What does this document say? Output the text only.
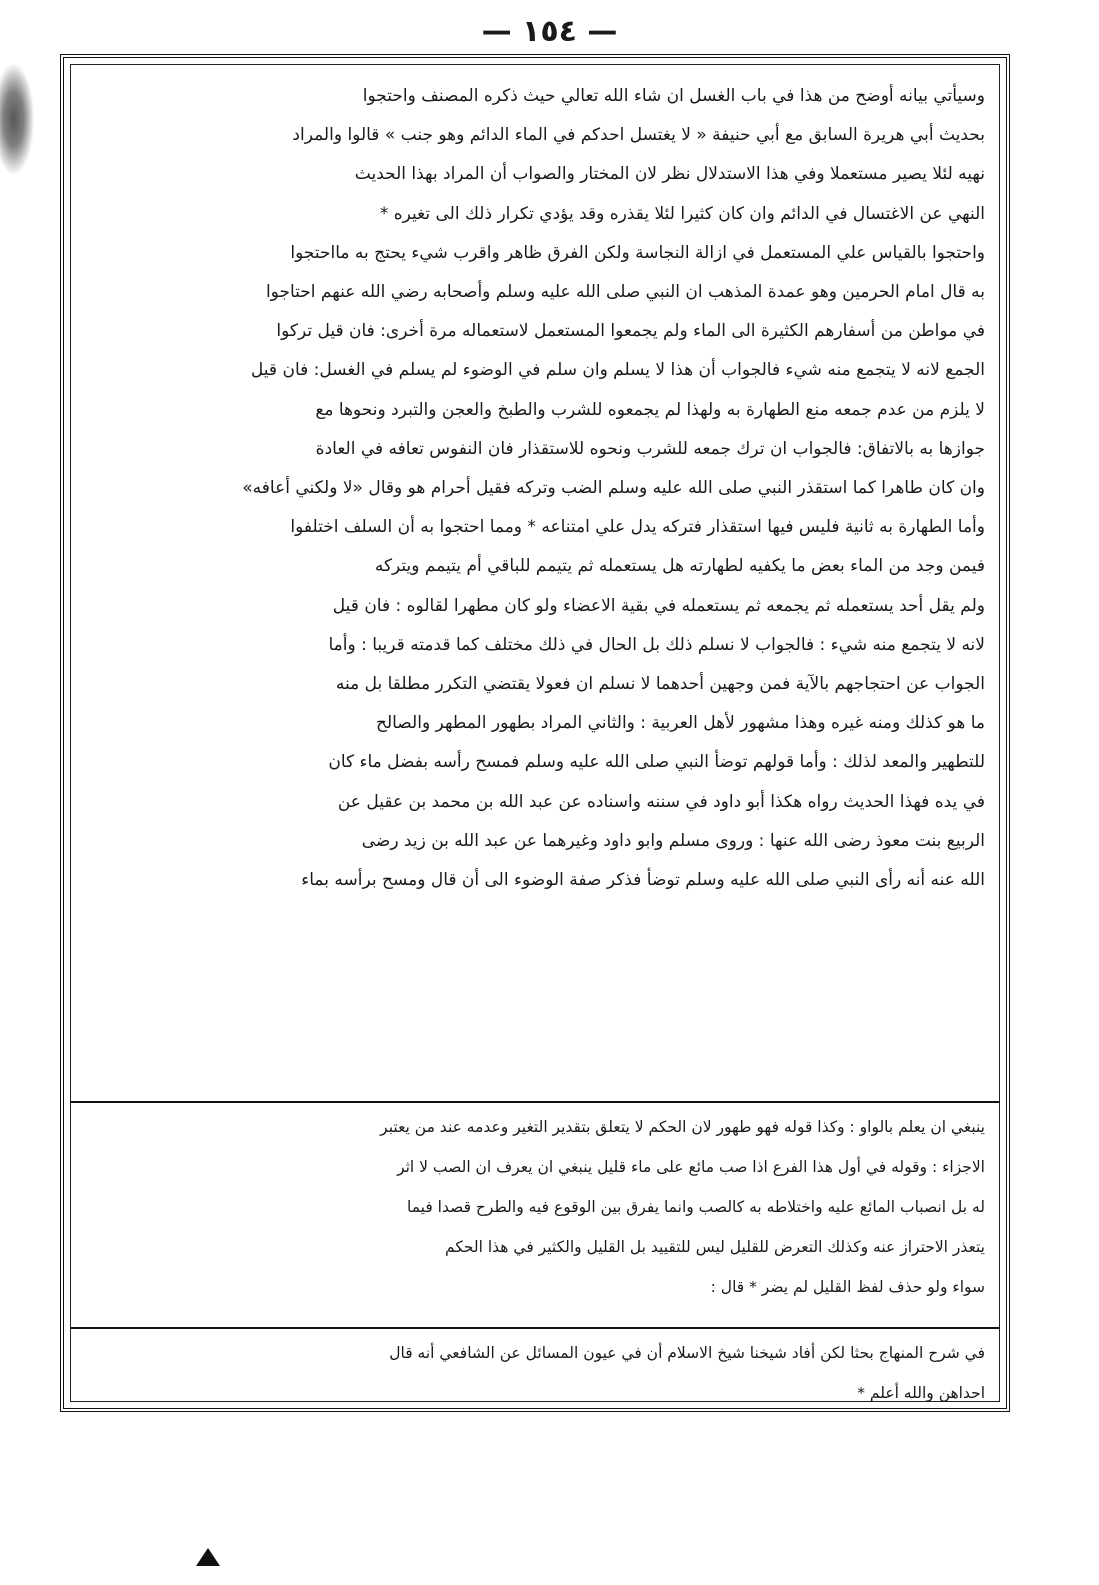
— ١٥٤ —
وسيأتي بيانه أوضح من هذا في باب الغسل ان شاء الله تعالي حيث ذكره المصنف واحتجوا
بحديث أبي هريرة السابق مع أبي حنيفة « لا يغتسل احدكم في الماء الدائم وهو جنب » قالوا والمراد
نهيه لئلا يصير مستعملا وفي هذا الاستدلال نظر لان المختار والصواب أن المراد بهذا الحديث
النهي عن الاغتسال في الدائم وان كان كثيرا لئلا يقذره وقد يؤدي تكرار ذلك الى تغيره *
واحتجوا بالقياس علي المستعمل في ازالة النجاسة ولكن الفرق ظاهر واقرب شيء يحتج به مااحتجوا
به قال امام الحرمين وهو عمدة المذهب ان النبي صلى الله عليه وسلم وأصحابه رضي الله عنهم احتاجوا
في مواطن من أسفارهم الكثيرة الى الماء ولم يجمعوا المستعمل لاستعماله مرة أخرى: فان قيل تركوا
الجمع لانه لا يتجمع منه شيء فالجواب أن هذا لا يسلم وان سلم في الوضوء لم يسلم في الغسل: فان قيل
لا يلزم من عدم جمعه منع الطهارة به ولهذا لم يجمعوه للشرب والطبخ والعجن والتبرد ونحوها مع
جوازها به بالاتفاق: فالجواب ان ترك جمعه للشرب ونحوه للاستقذار فان النفوس تعافه في العادة
وان كان طاهرا كما استقذر النبي صلى الله عليه وسلم الضب وتركه فقيل أحرام هو وقال «لا ولكني أعافه»
وأما الطهارة به ثانية فليس فيها استقذار فتركه يدل علي امتناعه * ومما احتجوا به أن السلف اختلفوا
فيمن وجد من الماء بعض ما يكفيه لطهارته هل يستعمله ثم يتيمم للباقي أم يتيمم ويتركه
ولم يقل أحد يستعمله ثم يجمعه ثم يستعمله في بقية الاعضاء ولو كان مطهرا لقالوه : فان قيل
لانه لا يتجمع منه شيء : فالجواب لا نسلم ذلك بل الحال في ذلك مختلف كما قدمته قريبا : وأما
الجواب عن احتجاجهم بالآية فمن وجهين أحدهما لا نسلم ان فعولا يقتضي التكرر مطلقا بل منه
ما هو كذلك ومنه غيره وهذا مشهور لأهل العربية : والثاني المراد بطهور المطهر والصالح
للتطهير والمعد لذلك : وأما قولهم توضأ النبي صلى الله عليه وسلم فمسح رأسه بفضل ماء كان
في يده فهذا الحديث رواه هكذا أبو داود في سننه واسناده عن عبد الله بن محمد بن عقيل عن
الربيع بنت معوذ رضى الله عنها : وروى مسلم وابو داود وغيرهما عن عبد الله بن زيد رضى
الله عنه أنه رأى النبي صلى الله عليه وسلم توضأ فذكر صفة الوضوء الى أن قال ومسح برأسه بماء
ينبغي ان يعلم بالواو : وكذا قوله فهو طهور لان الحكم لا يتعلق بتقدير التغير وعدمه عند من يعتبر
الاجزاء : وقوله في أول هذا الفرع اذا صب مائع على ماء قليل ينبغي ان يعرف ان الصب لا اثر
له بل انصباب المائع عليه واختلاطه به كالصب وانما يفرق بين الوقوع فيه والطرح قصدا فيما
يتعذر الاحتراز عنه وكذلك التعرض للقليل ليس للتقييد بل القليل والكثير في هذا الحكم
سواء ولو حذف لفظ القليل لم يضر * قال :
في شرح المنهاج بحثا لكن أفاد شيخنا شيخ الاسلام أن في عيون المسائل عن الشافعي أنه قال
احداهن والله أعلم *
